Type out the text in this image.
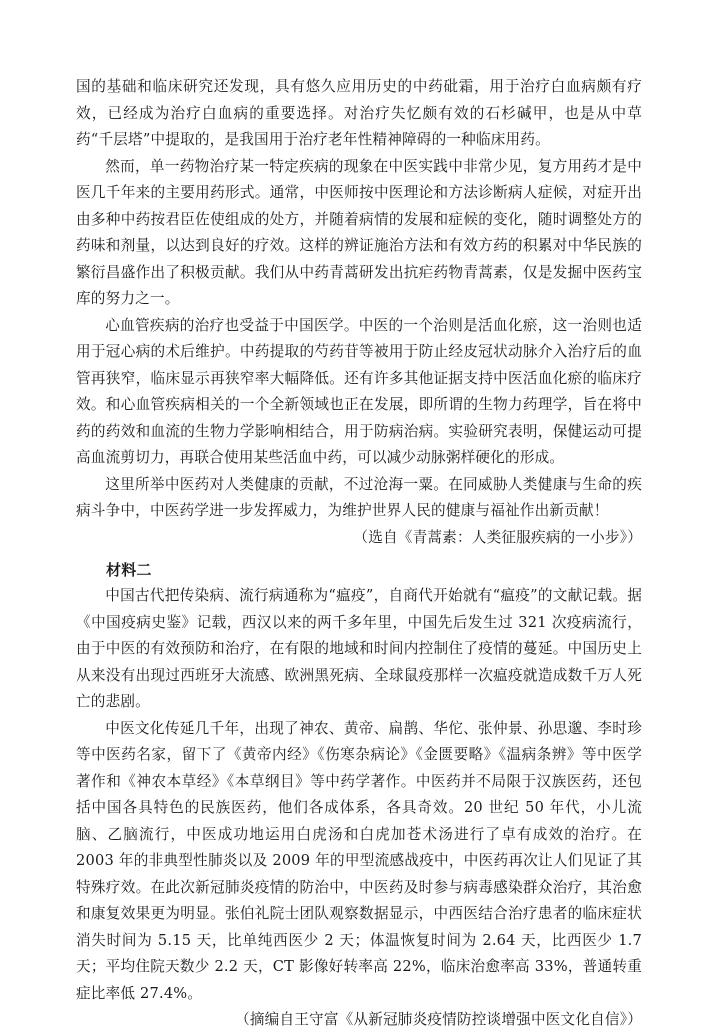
国的基础和临床研究还发现，具有悠久应用历史的中药砒霜，用于治疗白血病颇有疗效，已经成为治疗白血病的重要选择。对治疗失忆颇有效的石杉碱甲，也是从中草药“千层塔”中提取的，是我国用于治疗老年性精神障碍的一种临床用药。

然而，单一药物治疗某一特定疾病的现象在中医实践中非常少见，复方用药才是中医几千年来的主要用药形式。通常，中医师按中医理论和方法诊断病人症候，对症开出由多种中药按君臣佐使组成的处方，并随着病情的发展和症候的变化，随时调整处方的药味和剂量，以达到良好的疗效。这样的辨证施治方法和有效方药的积累对中华民族的繁衍昌盛作出了积极贡献。我们从中药青蒿研发出抗疟药物青蒿素，仅是发掘中医药宝库的努力之一。

心血管疾病的治疗也受益于中国医学。中医的一个治则是活血化瘀，这一治则也适用于冠心病的术后维护。中药提取的芍药苷等被用于防止经皮冠状动脉介入治疗后的血管再狭窄，临床显示再狭窄率大幅降低。还有许多其他证据支持中医活血化瘀的临床疗效。和心血管疾病相关的一个全新领域也正在发展，即所谓的生物力药理学，旨在将中药的药效和血流的生物力学影响相结合，用于防病治病。实验研究表明，保健运动可提高血流剪切力，再联合使用某些活血中药，可以减少动脉粥样硬化的形成。

这里所举中医药对人类健康的贡献，不过沧海一粟。在同威胁人类健康与生命的疾病斗争中，中医药学进一步发挥威力，为维护世界人民的健康与福祉作出新贡献！

（选自《青蒿素：人类征服疾病的一小步》）

材料二

中国古代把传染病、流行病通称为“瘟疫”，自商代开始就有“瘟疫”的文献记载。据《中国疫病史鉴》记载，西汉以来的两千多年里，中国先后发生过 321 次疫病流行，由于中医的有效预防和治疗，在有限的地域和时间内控制住了疫情的蔓延。中国历史上从来没有出现过西班牙大流感、欧洲黑死病、全球鼠疫那样一次瘟疫就造成数千万人死亡的悲剧。

中医文化传延几千年，出现了神农、黄帝、扁鹊、华佗、张仲景、孙思邈、李时珍等中医药名家，留下了《黄帝内经》《伤寒杂病论》《金匮要略》《温病条辨》等中医学著作和《神农本草经》《本草纲目》等中药学著作。中医药并不局限于汉族医药，还包括中国各具特色的民族医药，他们各成体系，各具奇效。20 世纪 50 年代，小儿流脑、乙脑流行，中医成功地运用白虎汤和白虎加苍术汤进行了卓有成效的治疗。在 2003 年的非典型性肺炎以及 2009 年的甲型流感战疫中，中医药再次让人们见证了其特殊疗效。在此次新冠肺炎疫情的防治中，中医药及时参与病毒感染群众治疗，其治愈和康复效果更为明显。张伯礼院士团队观察数据显示，中西医结合治疗患者的临床症状消失时间为 5.15 天，比单纯西医少 2 天；体温恢复时间为 2.64 天，比西医少 1.7 天；平均住院天数少 2.2 天，CT 影像好转率高 22%，临床治愈率高 33%，普通转重症比率低 27.4%。

（摘编自王守富《从新冠肺炎疫情防控谈增强中医文化自信》）
